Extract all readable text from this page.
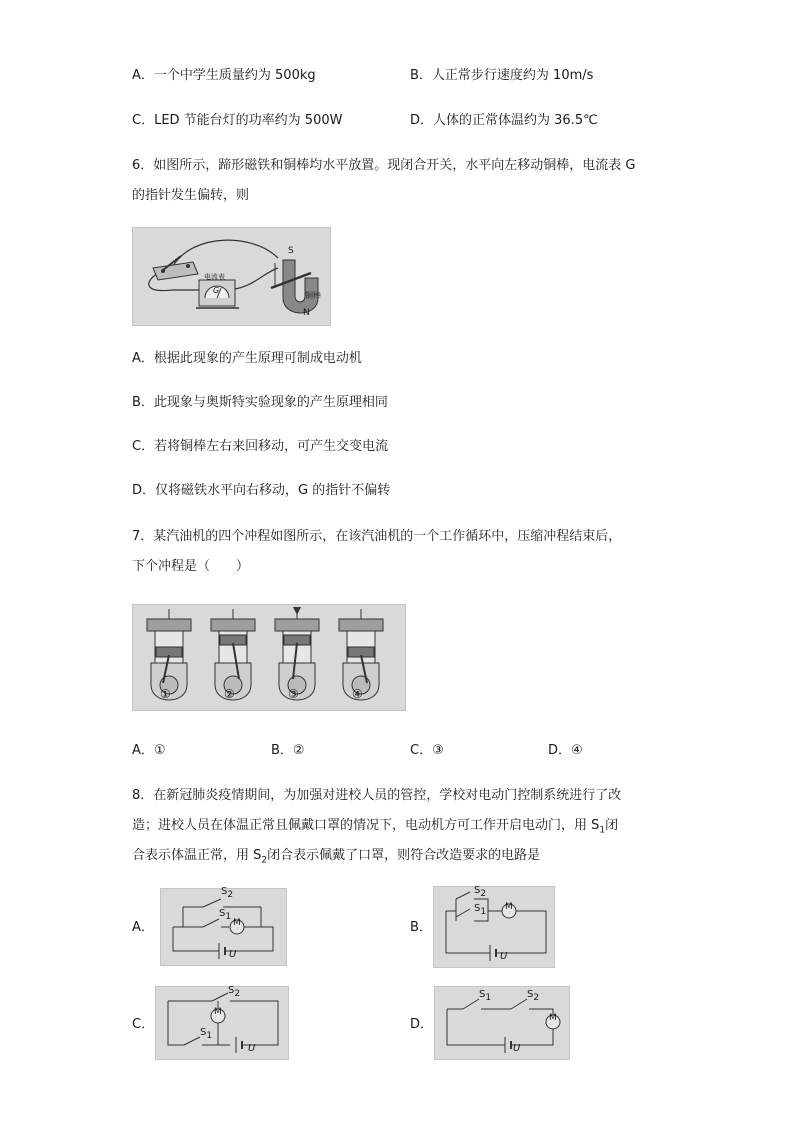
A．一个中学生质量约为 500kg	B．人正常步行速度约为 10m/s
C．LED 节能台灯的功率约为 500W	D．人体的正常体温约为 36.5℃
6．如图所示，蹄形磁铁和铜棒均水平放置。现闭合开关，水平向左移动铜棒，电流表 G
的指针发生偏转，则
电流表
G
S
N
铜棒
A．根据此现象的产生原理可制成电动机
B．此现象与奥斯特实验现象的产生原理相同
C．若将铜棒左右来回移动，可产生交变电流
D．仅将磁铁水平向右移动，G 的指针不偏转
7．某汽油机的四个冲程如图所示，在该汽油机的一个工作循环中，压缩冲程结束后，
下个冲程是（　　）
①	②	③	④
A．①	B．②	C．③	D．④
8．在新冠肺炎疫情期间，为加强对进校人员的管控，学校对电动门控制系统进行了改
造；进校人员在体温正常且佩戴口罩的情况下，电动机方可工作开启电动门，用 $S_1$闭
合表示体温正常，用 $S_2$闭合表示佩戴了口罩，则符合改造要求的电路是
A．
$S_2$
$S_1$
M
U
B．
$S_2$
$S_1$ M
U
C．
$S_2$
$S_1$
M
U
D．
$S_1$	$S_2$
M
U
